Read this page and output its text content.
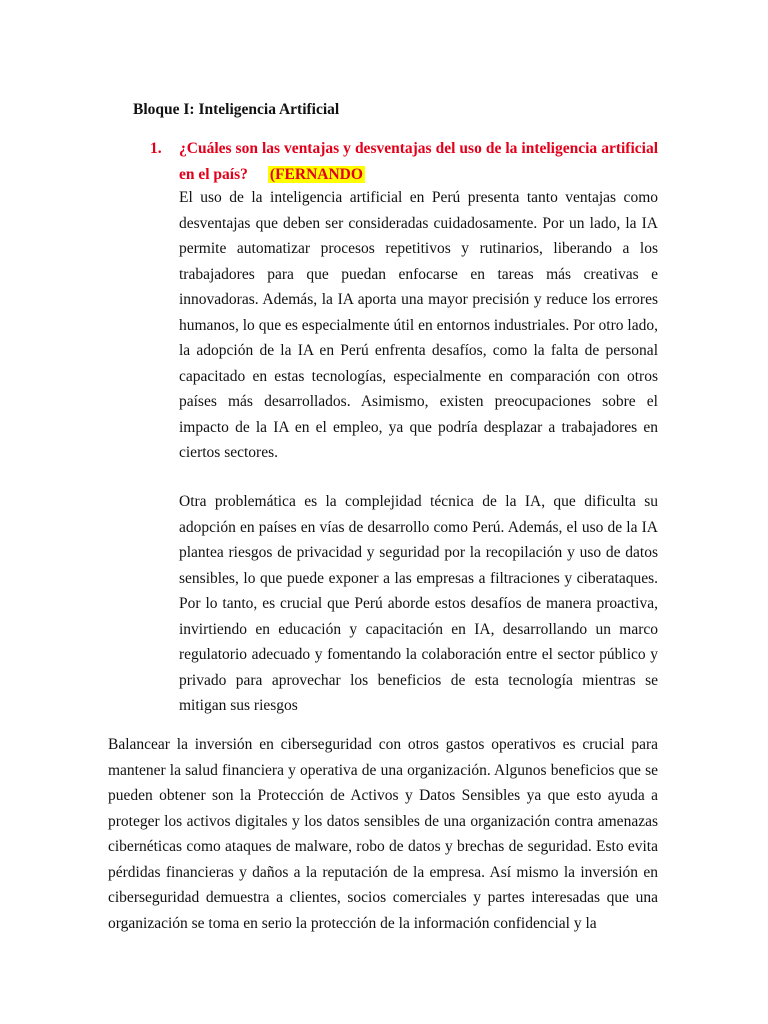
Bloque I: Inteligencia Artificial
1. ¿Cuáles son las ventajas y desventajas del uso de la inteligencia artificial en el país? (FERNANDO

El uso de la inteligencia artificial en Perú presenta tanto ventajas como desventajas que deben ser consideradas cuidadosamente. Por un lado, la IA permite automatizar procesos repetitivos y rutinarios, liberando a los trabajadores para que puedan enfocarse en tareas más creativas e innovadoras. Además, la IA aporta una mayor precisión y reduce los errores humanos, lo que es especialmente útil en entornos industriales. Por otro lado, la adopción de la IA en Perú enfrenta desafíos, como la falta de personal capacitado en estas tecnologías, especialmente en comparación con otros países más desarrollados. Asimismo, existen preocupaciones sobre el impacto de la IA en el empleo, ya que podría desplazar a trabajadores en ciertos sectores.

Otra problemática es la complejidad técnica de la IA, que dificulta su adopción en países en vías de desarrollo como Perú. Además, el uso de la IA plantea riesgos de privacidad y seguridad por la recopilación y uso de datos sensibles, lo que puede exponer a las empresas a filtraciones y ciberataques. Por lo tanto, es crucial que Perú aborde estos desafíos de manera proactiva, invirtiendo en educación y capacitación en IA, desarrollando un marco regulatorio adecuado y fomentando la colaboración entre el sector público y privado para aprovechar los beneficios de esta tecnología mientras se mitigan sus riesgos

Balancear la inversión en ciberseguridad con otros gastos operativos es crucial para mantener la salud financiera y operativa de una organización. Algunos beneficios que se pueden obtener son la Protección de Activos y Datos Sensibles ya que esto ayuda a proteger los activos digitales y los datos sensibles de una organización contra amenazas cibernéticas como ataques de malware, robo de datos y brechas de seguridad. Esto evita pérdidas financieras y daños a la reputación de la empresa. Así mismo la inversión en ciberseguridad demuestra a clientes, socios comerciales y partes interesadas que una organización se toma en serio la protección de la información confidencial y la
